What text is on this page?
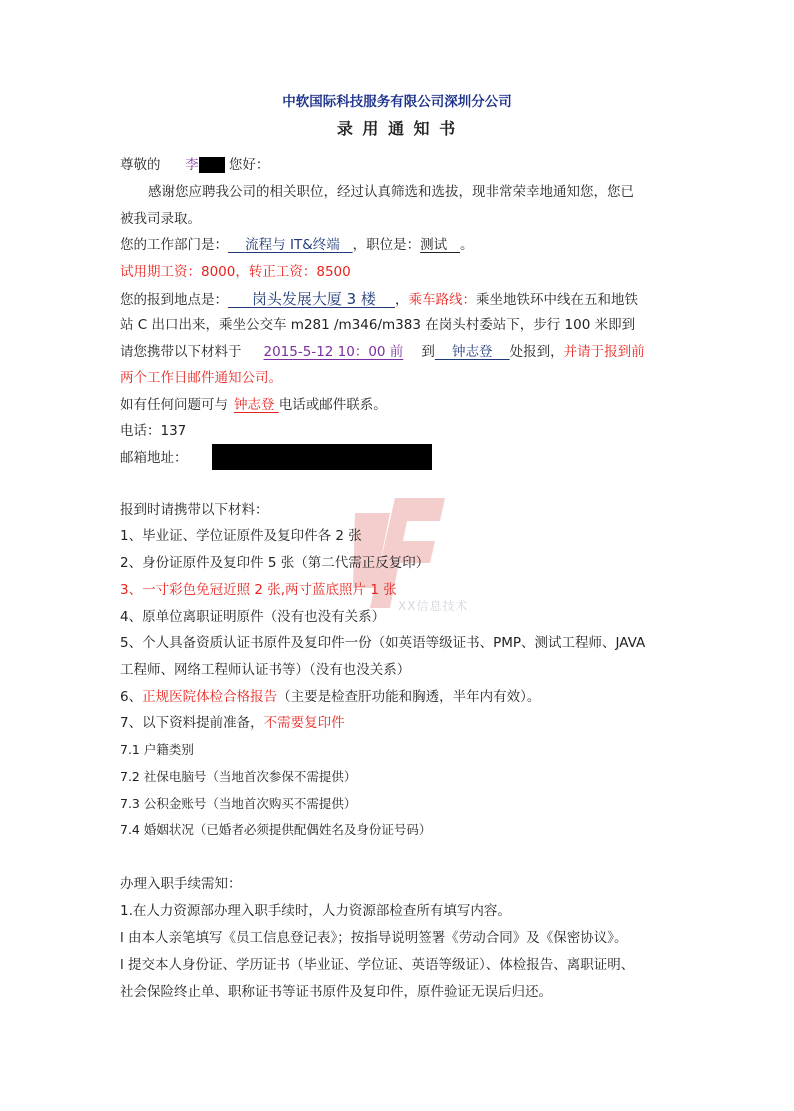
中软国际科技服务有限公司深圳分公司
录 用 通 知 书
尊敬的 李 您好：
感谢您应聘我公司的相关职位，经过认真筛选和选拔，现非常荣幸地通知您，您已
被我司录取。
您的工作部门是： 流程与 IT&终端 ，职位是：测试 。
试用期工资：8000，转正工资：8500
您的报到地点是： 岗头发展大厦 3 楼 ，乘车路线：乘坐地铁环中线在五和地铁
站 C 出口出来，乘坐公交车 m281 /m346/m383 在岗头村委站下，步行 100 米即到
请您携带以下材料于 2015-5-12 10：00 前 到 钟志登 处报到，并请于报到前
两个工作日邮件通知公司。
如有任何问题可与 钟志登 电话或邮件联系。
电话：137
邮箱地址：
XX信息技术
报到时请携带以下材料：
1、毕业证、学位证原件及复印件各 2 张
2、身份证原件及复印件 5 张（第二代需正反复印）
3、一寸彩色免冠近照 2 张,两寸蓝底照片 1 张
4、原单位离职证明原件（没有也没有关系）
5、个人具备资质认证书原件及复印件一份（如英语等级证书、PMP、测试工程师、JAVA
工程师、网络工程师认证书等）（没有也没关系）
6、正规医院体检合格报告（主要是检查肝功能和胸透，半年内有效）。
7、以下资料提前准备，不需要复印件
7.1 户籍类别
7.2 社保电脑号（当地首次参保不需提供）
7.3 公积金账号（当地首次购买不需提供）
7.4 婚姻状况（已婚者必须提供配偶姓名及身份证号码）
办理入职手续需知：
1.在人力资源部办理入职手续时，人力资源部检查所有填写内容。
l 由本人亲笔填写《员工信息登记表》；按指导说明签署《劳动合同》及《保密协议》。
l 提交本人身份证、学历证书（毕业证、学位证、英语等级证）、体检报告、离职证明、
社会保险终止单、职称证书等证书原件及复印件，原件验证无误后归还。
